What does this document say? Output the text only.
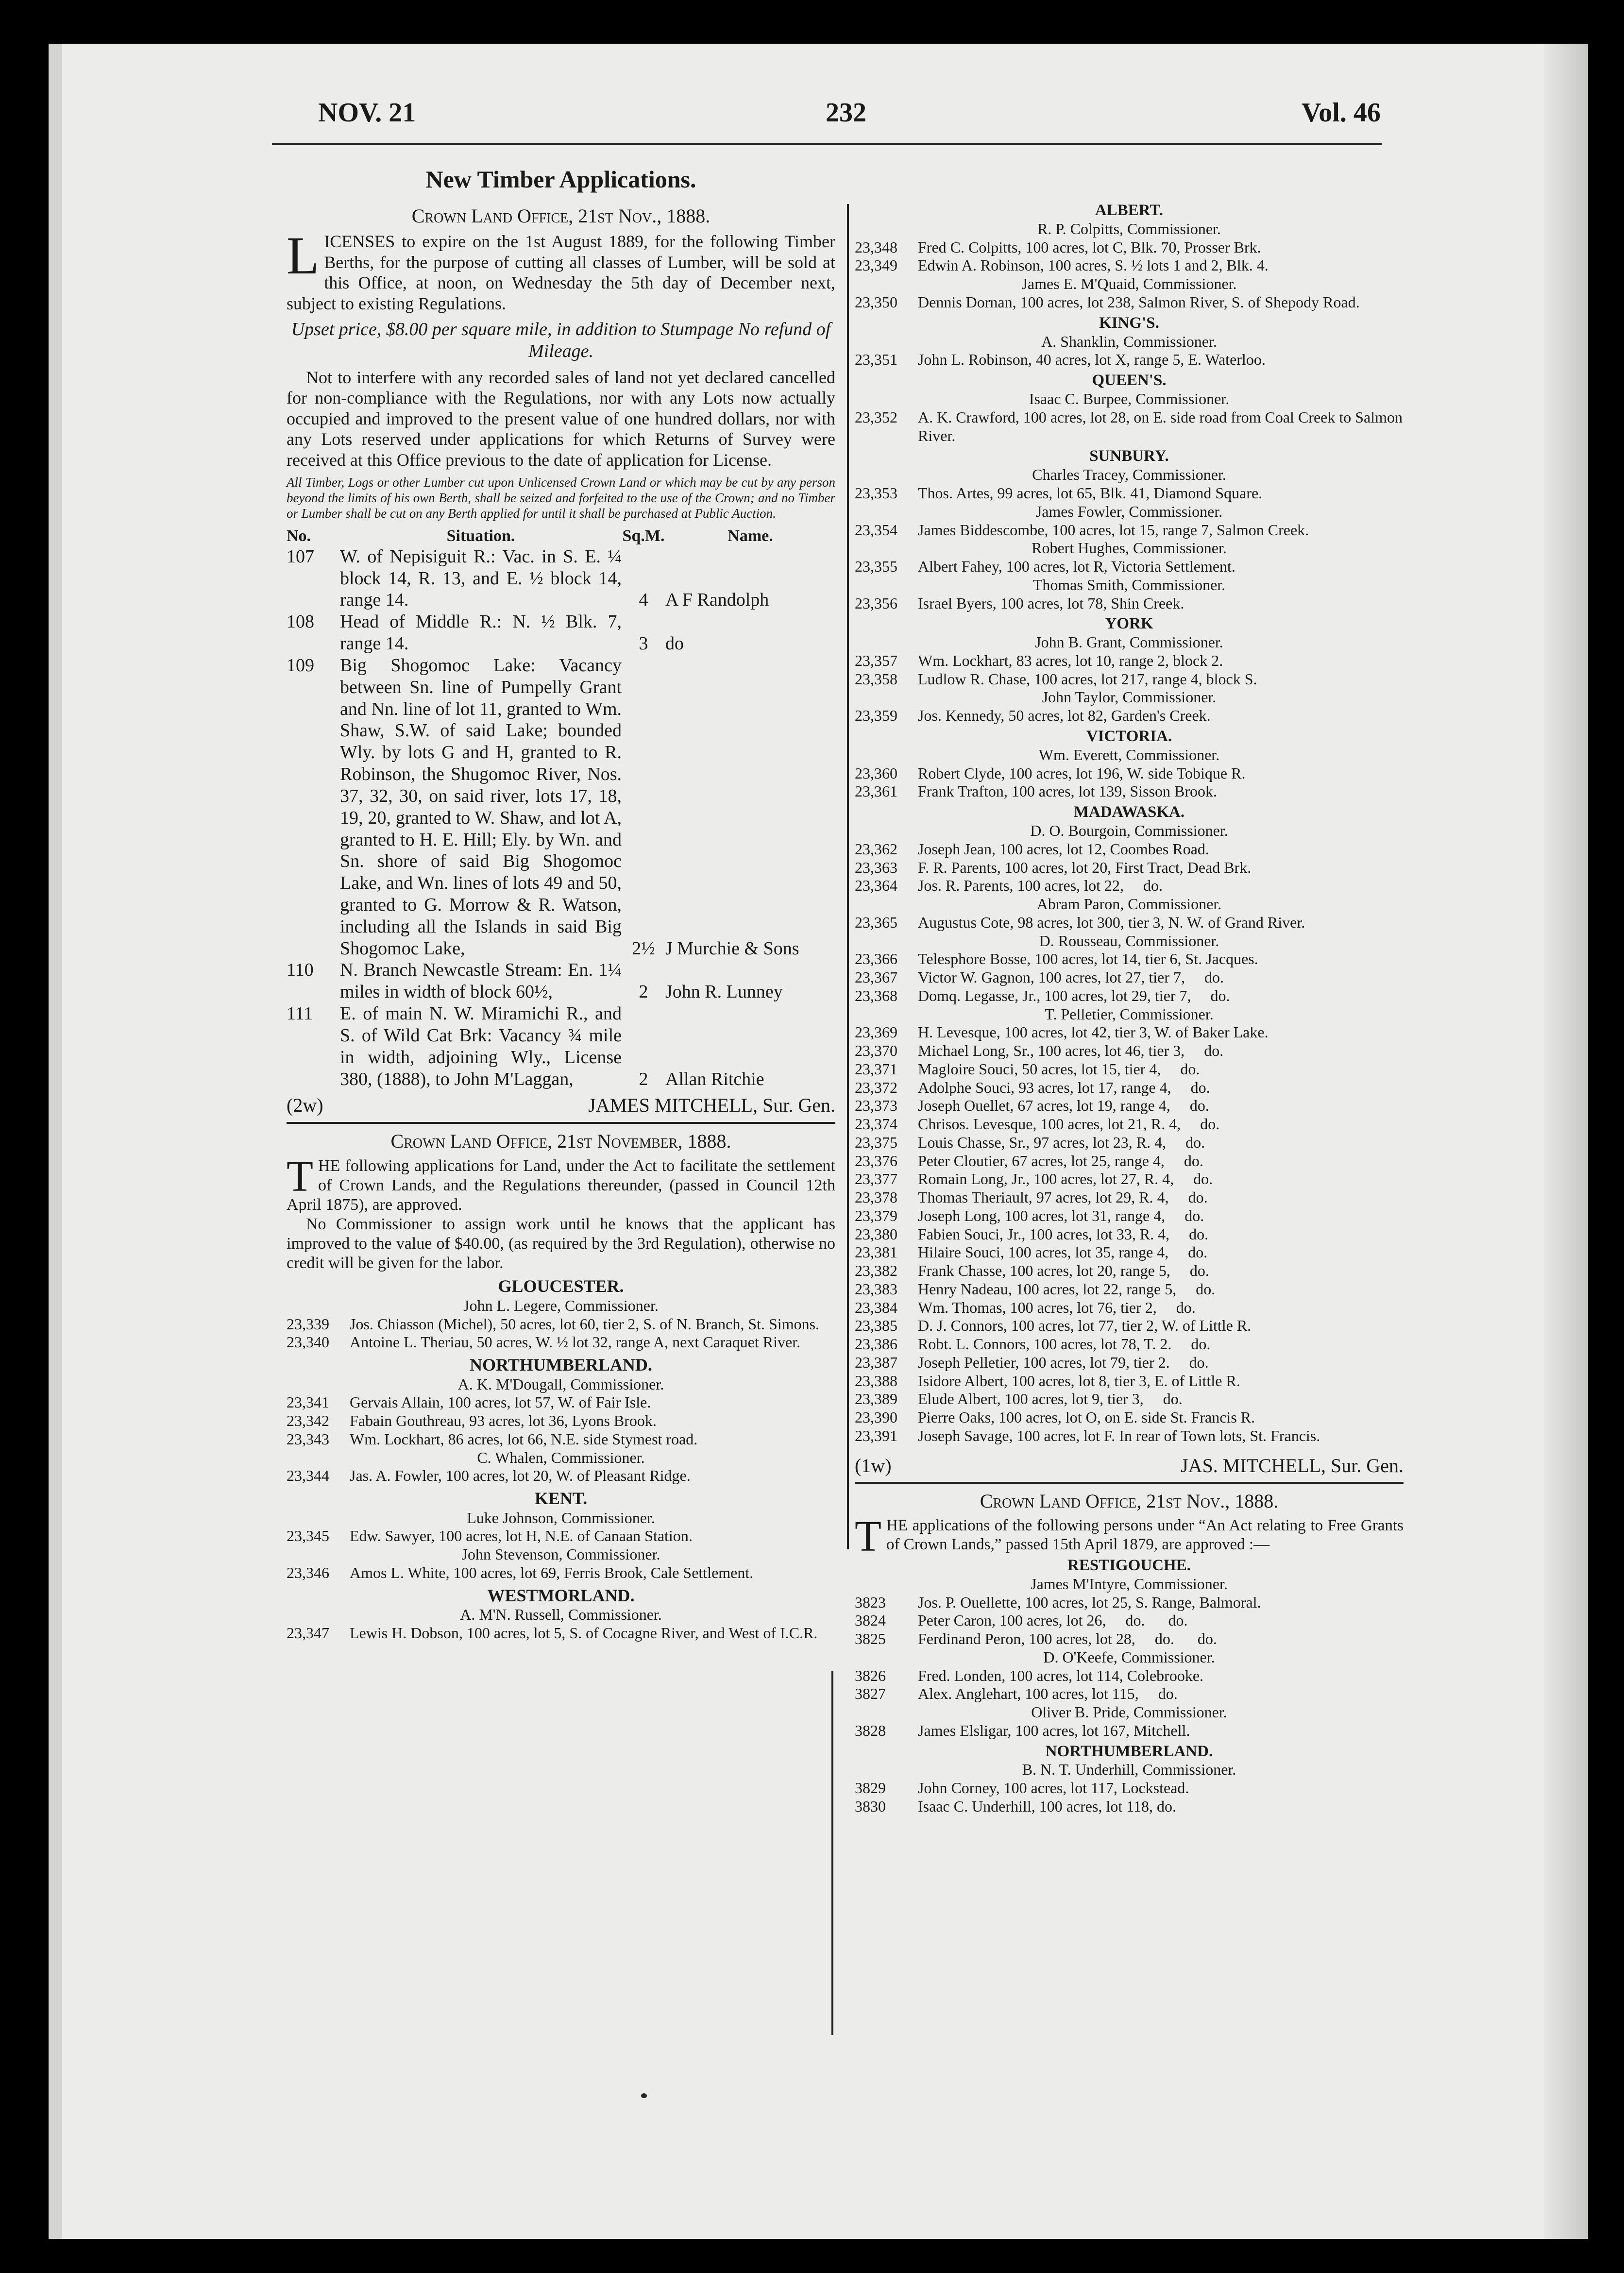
NOV. 21	232	Vol. 46
New Timber Applications.
Crown Land Office, 21st Nov., 1888.

LICENSES to expire on the 1st August 1889, for the following Timber Berths, for the purpose of cutting all classes of Lumber, will be sold at this Office, at noon, on Wednesday the 5th day of December next, subject to existing Regulations.

Upset price, $8.00 per square mile, in addition to Stumpage No refund of Mileage.

Not to interfere with any recorded sales of land not yet declared cancelled for non-compliance with the Regulations, nor with any Lots now actually occupied and improved to the present value of one hundred dollars, nor with any Lots reserved under applications for which Returns of Survey were received at this Office previous to the date of application for License.

All Timber, Logs or other Lumber cut upon Unlicensed Crown Land or which may be cut by any person beyond the limits of his own Berth, shall be seized and forfeited to the use of the Crown; and no Timber or Lumber shall be cut on any Berth applied for until it shall be purchased at Public Auction.

No.	Situation.	Sq.M.	Name.
107	W. of Nepisiguit R.: Vac. in S. E. ¼ block 14, R. 13, and E. ½ block 14, range 14.	4	A F Randolph
108	Head of Middle R.: N. ½ Blk. 7, range 14.	3	do
109	Big Shogomoc Lake: Vacancy between Sn. line of Pumpelly Grant and Nn. line of lot 11, granted to Wm. Shaw, S.W. of said Lake; bounded Wly. by lots G and H, granted to R. Robinson, the Shugomoc River, Nos. 37, 32, 30, on said river, lots 17, 18, 19, 20, granted to W. Shaw, and lot A, granted to H. E. Hill; Ely. by Wn. and Sn. shore of said Big Shogomoc Lake, and Wn. lines of lots 49 and 50, granted to G. Morrow & R. Watson, including all the Islands in said Big Shogomoc Lake,	2½	J Murchie & Sons
110	N. Branch Newcastle Stream: En. 1¼ miles in width of block 60½,	2	John R. Lunney
111	E. of main N. W. Miramichi R., and S. of Wild Cat Brk: Vacancy ¾ mile in width, adjoining Wly., License 380, (1888), to John M'Laggan,	2	Allan Ritchie
(2w)	JAMES MITCHELL, Sur. Gen.
Crown Land Office, 21st November, 1888.

THE following applications for Land, under the Act to facilitate the settlement of Crown Lands, and the Regulations thereunder, (passed in Council 12th April 1875), are approved.

No Commissioner to assign work until he knows that the applicant has improved to the value of $40.00, (as required by the 3rd Regulation), otherwise no credit will be given for the labor.

GLOUCESTER.
John L. Legere, Commissioner.
23,339	Jos. Chiasson (Michel), 50 acres, lot 60, tier 2, S. of N. Branch, St. Simons.
23,340	Antoine L. Theriau, 50 acres, W. ½ lot 32, range A, next Caraquet River.
NORTHUMBERLAND.
A. K. M'Dougall, Commissioner.
23,341	Gervais Allain, 100 acres, lot 57, W. of Fair Isle.
23,342	Fabain Gouthreau, 93 acres, lot 36, Lyons Brook.
23,343	Wm. Lockhart, 86 acres, lot 66, N.E. side Stymest road.
C. Whalen, Commissioner.
23,344	Jas. A. Fowler, 100 acres, lot 20, W. of Pleasant Ridge.
KENT.
Luke Johnson, Commissioner.
23,345	Edw. Sawyer, 100 acres, lot H, N.E. of Canaan Station.
John Stevenson, Commissioner.
23,346	Amos L. White, 100 acres, lot 69, Ferris Brook, Cale Settlement.
WESTMORLAND.
A. M'N. Russell, Commissioner.
23,347	Lewis H. Dobson, 100 acres, lot 5, S. of Cocagne River, and West of I.C.R.
ALBERT.
R. P. Colpitts, Commissioner.
23,348	Fred C. Colpitts, 100 acres, lot C, Blk. 70, Prosser Brk.
23,349	Edwin A. Robinson, 100 acres, S. ½ lots 1 and 2, Blk. 4.
James E. M'Quaid, Commissioner.
23,350	Dennis Dornan, 100 acres, lot 238, Salmon River, S. of Shepody Road.
KING'S.
A. Shanklin, Commissioner.
23,351	John L. Robinson, 40 acres, lot X, range 5, E. Waterloo.
QUEEN'S.
Isaac C. Burpee, Commissioner.
23,352	A. K. Crawford, 100 acres, lot 28, on E. side road from Coal Creek to Salmon River.
SUNBURY.
Charles Tracey, Commissioner.
23,353	Thos. Artes, 99 acres, lot 65, Blk. 41, Diamond Square.
James Fowler, Commissioner.
23,354	James Biddescombe, 100 acres, lot 15, range 7, Salmon Creek.
Robert Hughes, Commissioner.
23,355	Albert Fahey, 100 acres, lot R, Victoria Settlement.
Thomas Smith, Commissioner.
23,356	Israel Byers, 100 acres, lot 78, Shin Creek.
YORK
John B. Grant, Commissioner.
23,357	Wm. Lockhart, 83 acres, lot 10, range 2, block 2.
23,358	Ludlow R. Chase, 100 acres, lot 217, range 4, block S.
John Taylor, Commissioner.
23,359	Jos. Kennedy, 50 acres, lot 82, Garden's Creek.
VICTORIA.
Wm. Everett, Commissioner.
23,360	Robert Clyde, 100 acres, lot 196, W. side Tobique R.
23,361	Frank Trafton, 100 acres, lot 139, Sisson Brook.
MADAWASKA.
D. O. Bourgoin, Commissioner.
23,362	Joseph Jean, 100 acres, lot 12, Coombes Road.
23,363	F. R. Parents, 100 acres, lot 20, First Tract, Dead Brk.
23,364	Jos. R. Parents, 100 acres, lot 22, do.
Abram Paron, Commissioner.
23,365	Augustus Cote, 98 acres, lot 300, tier 3, N. W. of Grand River.
D. Rousseau, Commissioner.
23,366	Telesphore Bosse, 100 acres, lot 14, tier 6, St. Jacques.
23,367	Victor W. Gagnon, 100 acres, lot 27, tier 7, do.
23,368	Domq. Legasse, Jr., 100 acres, lot 29, tier 7, do.
T. Pelletier, Commissioner.
23,369	H. Levesque, 100 acres, lot 42, tier 3, W. of Baker Lake.
23,370	Michael Long, Sr., 100 acres, lot 46, tier 3, do.
23,371	Magloire Souci, 50 acres, lot 15, tier 4, do.
23,372	Adolphe Souci, 93 acres, lot 17, range 4, do.
23,373	Joseph Ouellet, 67 acres, lot 19, range 4, do.
23,374	Chrisos. Levesque, 100 acres, lot 21, R. 4, do.
23,375	Louis Chasse, Sr., 97 acres, lot 23, R. 4, do.
23,376	Peter Cloutier, 67 acres, lot 25, range 4, do.
23,377	Romain Long, Jr., 100 acres, lot 27, R. 4, do.
23,378	Thomas Theriault, 97 acres, lot 29, R. 4, do.
23,379	Joseph Long, 100 acres, lot 31, range 4, do.
23,380	Fabien Souci, Jr., 100 acres, lot 33, R. 4, do.
23,381	Hilaire Souci, 100 acres, lot 35, range 4, do.
23,382	Frank Chasse, 100 acres, lot 20, range 5, do.
23,383	Henry Nadeau, 100 acres, lot 22, range 5, do.
23,384	Wm. Thomas, 100 acres, lot 76, tier 2, do.
23,385	D. J. Connors, 100 acres, lot 77, tier 2, W. of Little R.
23,386	Robt. L. Connors, 100 acres, lot 78, T. 2. do.
23,387	Joseph Pelletier, 100 acres, lot 79, tier 2. do.
23,388	Isidore Albert, 100 acres, lot 8, tier 3, E. of Little R.
23,389	Elude Albert, 100 acres, lot 9, tier 3, do.
23,390	Pierre Oaks, 100 acres, lot O, on E. side St. Francis R.
23,391	Joseph Savage, 100 acres, lot F. In rear of Town lots, St. Francis.
(1w)	JAS. MITCHELL, Sur. Gen.
Crown Land Office, 21st Nov., 1888.

THE applications of the following persons under “An Act relating to Free Grants of Crown Lands,” passed 15th April 1879, are approved :—

RESTIGOUCHE.
James M'Intyre, Commissioner.
3823	Jos. P. Ouellette, 100 acres, lot 25, S. Range, Balmoral.
3824	Peter Caron, 100 acres, lot 26, do.      do.
3825	Ferdinand Peron, 100 acres, lot 28, do.      do.
D. O'Keefe, Commissioner.
3826	Fred. Londen, 100 acres, lot 114, Colebrooke.
3827	Alex. Anglehart, 100 acres, lot 115, do.
Oliver B. Pride, Commissioner.
3828	James Elsligar, 100 acres, lot 167, Mitchell.
NORTHUMBERLAND.
B. N. T. Underhill, Commissioner.
3829	John Corney, 100 acres, lot 117, Lockstead.
3830	Isaac C. Underhill, 100 acres, lot 118, do.
